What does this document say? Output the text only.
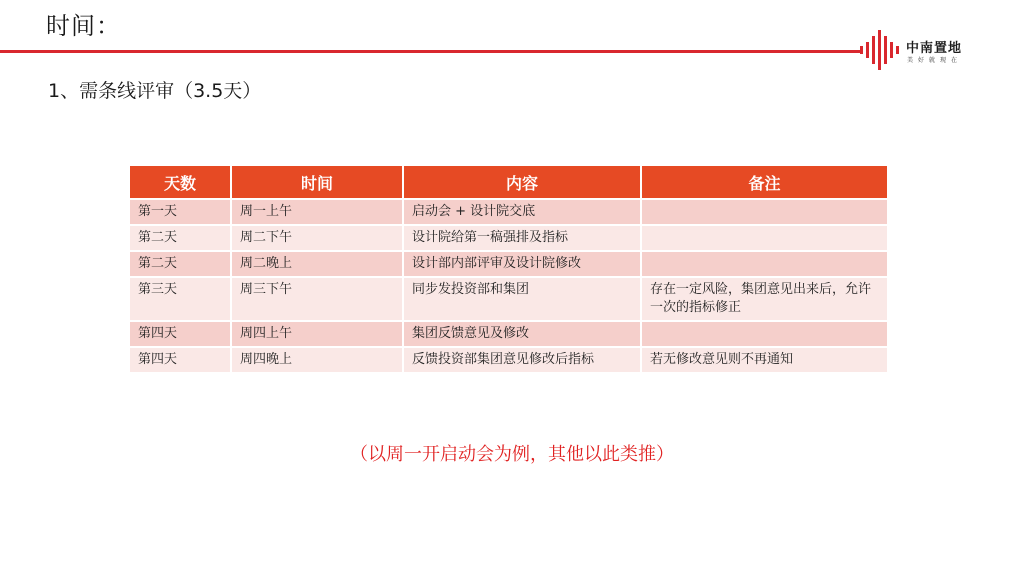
时间：
中南置地
美好就现在
1、需条线评审（3.5天）
天数	时间	内容	备注
第一天	周一上午	启动会 + 设计院交底	
第二天	周二下午	设计院给第一稿强排及指标	
第二天	周二晚上	设计部内部评审及设计院修改	
第三天	周三下午	同步发投资部和集团	存在一定风险，集团意见出来后，允许一次的指标修正
第四天	周四上午	集团反馈意见及修改	
第四天	周四晚上	反馈投资部集团意见修改后指标	若无修改意见则不再通知
（以周一开启动会为例，其他以此类推）
